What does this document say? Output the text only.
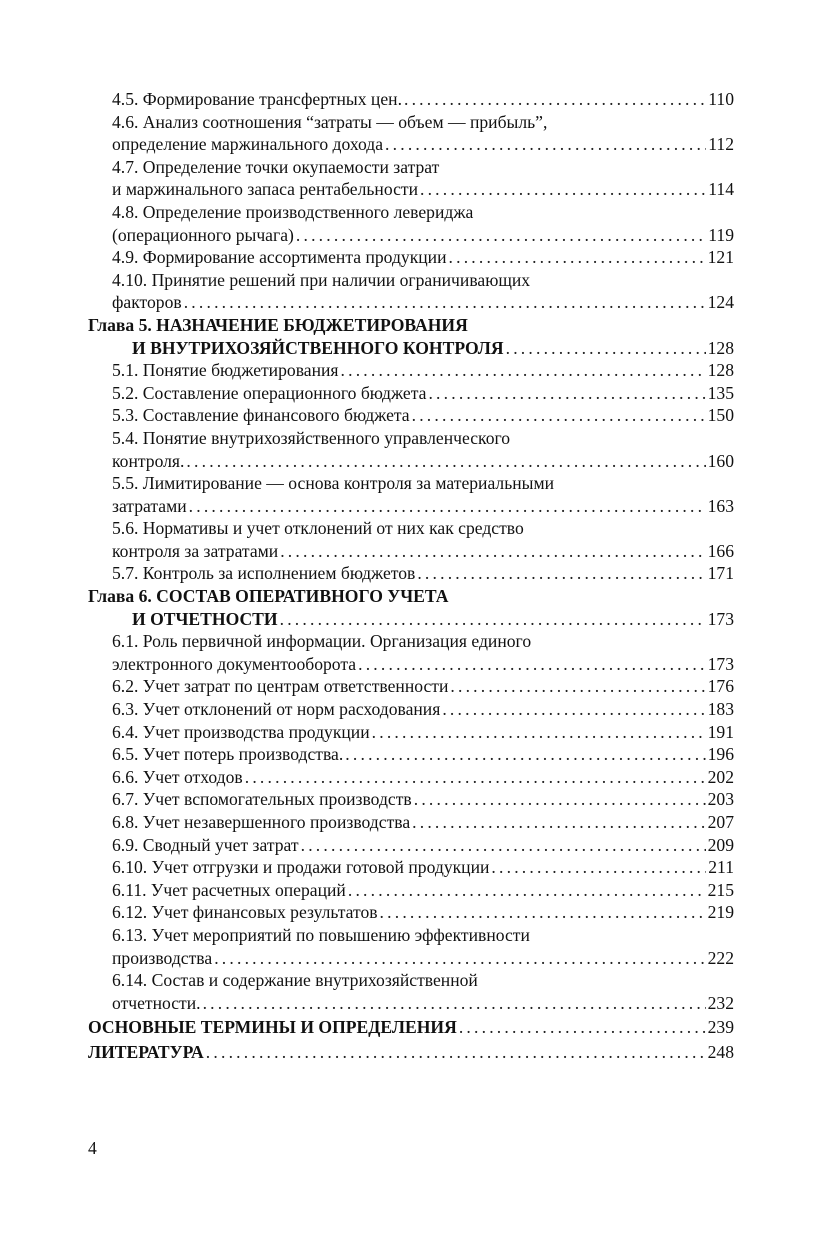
4.5. Формирование трансфертных цен. . . .	110
4.6. Анализ соотношения “затраты — объем — прибыль”,
определение маржинального дохода . . .	112
4.7. Определение точки окупаемости затрат
и маржинального запаса рентабельности . . .	114
4.8. Определение производственного левериджа
(операционного рычага) . . .	119
4.9. Формирование ассортимента продукции . . .	121
4.10. Принятие решений при наличии ограничивающих
факторов . . .	124
Глава 5. НАЗНАЧЕНИЕ БЮДЖЕТИРОВАНИЯ
И ВНУТРИХОЗЯЙСТВЕННОГО КОНТРОЛЯ . . .	128
5.1. Понятие бюджетирования . . .	128
5.2. Составление операционного бюджета . . .	135
5.3. Составление финансового бюджета . . .	150
5.4. Понятие внутрихозяйственного управленческого
контроля. . . .	160
5.5. Лимитирование — основа контроля за материальными
затратами . . .	163
5.6. Нормативы и учет отклонений от них как средство
контроля за затратами . . .	166
5.7. Контроль за исполнением бюджетов . . .	171
Глава 6. СОСТАВ ОПЕРАТИВНОГО УЧЕТА
И ОТЧЕТНОСТИ . . .	173
6.1. Роль первичной информации. Организация единого
электронного документооборота . . .	173
6.2. Учет затрат по центрам ответственности . . .	176
6.3. Учет отклонений от норм расходования . . .	183
6.4. Учет производства продукции . . .	191
6.5. Учет потерь производства. . . .	196
6.6. Учет отходов . . .	202
6.7. Учет вспомогательных производств . . .	203
6.8. Учет незавершенного производства . . .	207
6.9. Сводный учет затрат . . .	209
6.10. Учет отгрузки и продажи готовой продукции . . .	211
6.11. Учет расчетных операций . . .	215
6.12. Учет финансовых результатов . . .	219
6.13. Учет мероприятий по повышению эффективности
производства . . .	222
6.14. Состав и содержание внутрихозяйственной
отчетности. . . .	232
ОСНОВНЫЕ ТЕРМИНЫ И ОПРЕДЕЛЕНИЯ . . .	239
ЛИТЕРАТУРА . . .	248
4
